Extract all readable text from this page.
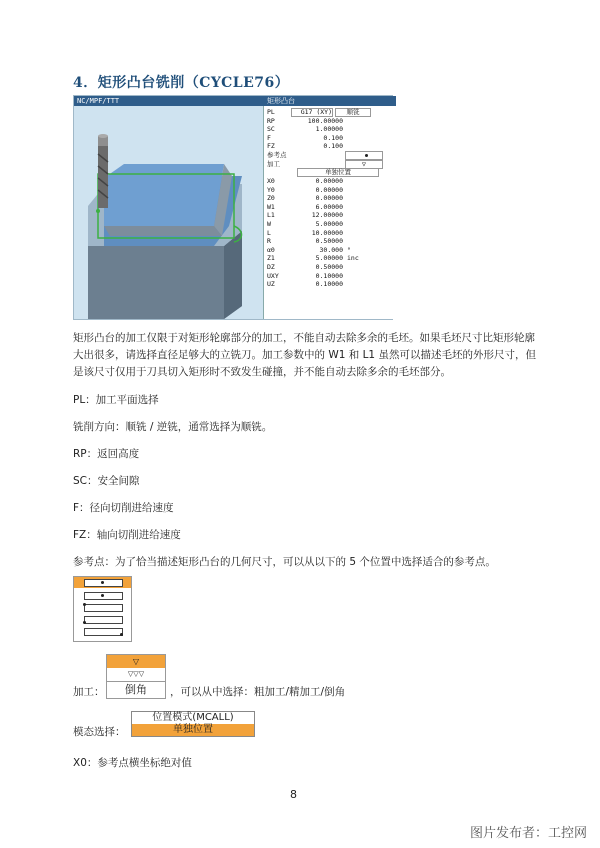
4．矩形凸台铣削（CYCLE76）
NC/MPF/TTT	矩形凸台
PL	G17 (XY)	顺铣
RP	100.00000
SC	1.00000
F	0.100
FZ	0.100
参考点
加工	▽
单独位置
X0	0.00000
Y0	0.00000
Z0	0.00000
W1	6.00000
L1	12.00000
W	5.00000
L	10.00000
R	0.50000
α0	30.000 °
Z1	5.00000 inc
DZ	0.50000
UXY	0.10000
UZ	0.10000
矩形凸台的加工仅限于对矩形轮廓部分的加工，不能自动去除多余的毛坯。如果毛坯尺寸比矩形轮廓大出很多，请选择直径足够大的立铣刀。加工参数中的 W1 和 L1 虽然可以描述毛坯的外形尺寸，但是该尺寸仅用于刀具切入矩形时不致发生碰撞，并不能自动去除多余的毛坯部分。
PL：加工平面选择
铣削方向：顺铣 / 逆铣，通常选择为顺铣。
RP：返回高度
SC：安全间隙
F：径向切削进给速度
FZ：轴向切削进给速度
参考点：为了恰当描述矩形凸台的几何尺寸，可以从以下的 5 个位置中选择适合的参考点。
加工：
▽
▽▽▽
倒角	，可以从中选择：粗加工/精加工/倒角
模态选择：
位置模式(MCALL)
单独位置
X0：参考点横坐标绝对值
8
图片发布者：工控网
